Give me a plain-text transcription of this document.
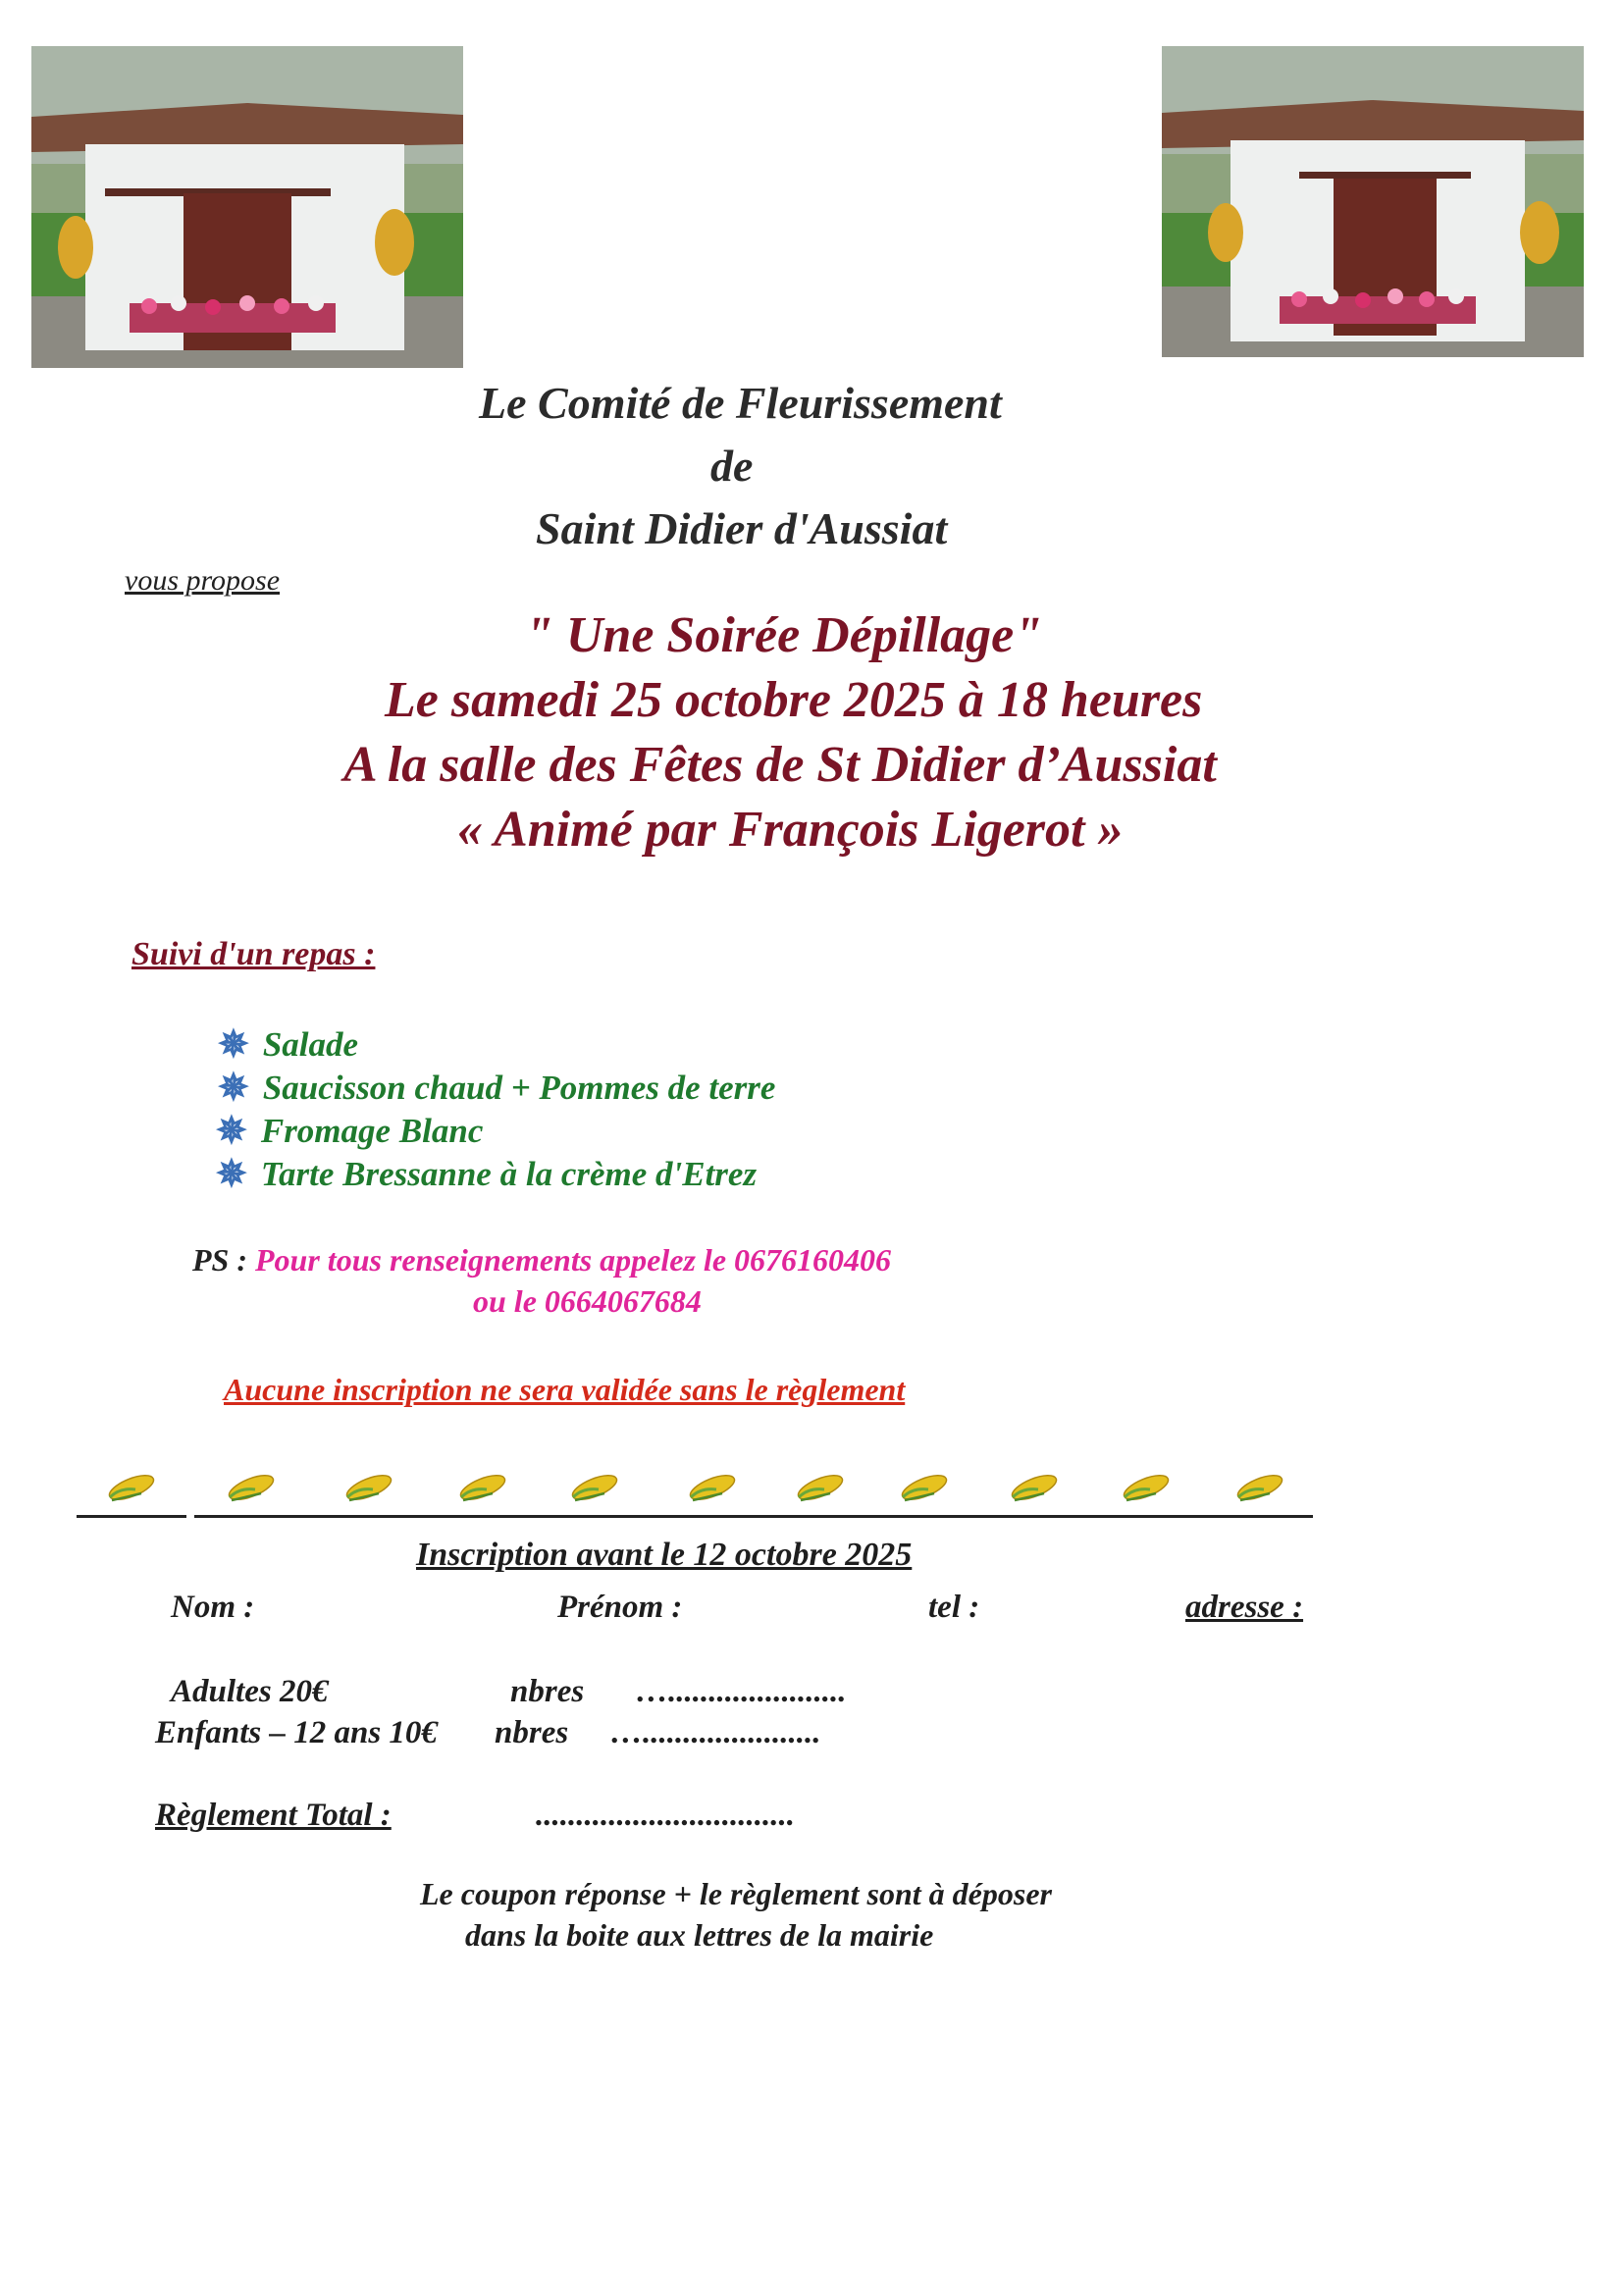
Le Comité de Fleurissement
de
Saint Didier d'Aussiat
vous propose
" Une Soirée Dépillage"
Le samedi 25 octobre 2025 à 18 heures
A la salle des Fêtes de St Didier d’Aussiat
« Animé par François Ligerot »
Suivi d'un repas :
✵ Salade
✵ Saucisson chaud + Pommes de terre
✵ Fromage Blanc
✵ Tarte Bressanne à la crème d'Etrez
PS : Pour tous renseignements appelez le 0676160406
ou le 0664067684
Aucune inscription ne sera validée sans le règlement
Inscription avant le 12 octobre 2025
Nom :	Prénom :	tel :	adresse :
Adultes 20€	nbres …......................
Enfants – 12 ans 10€ nbres …......................
Règlement Total :	................................
Le coupon réponse + le règlement sont à déposer
dans la boite aux lettres de la mairie
